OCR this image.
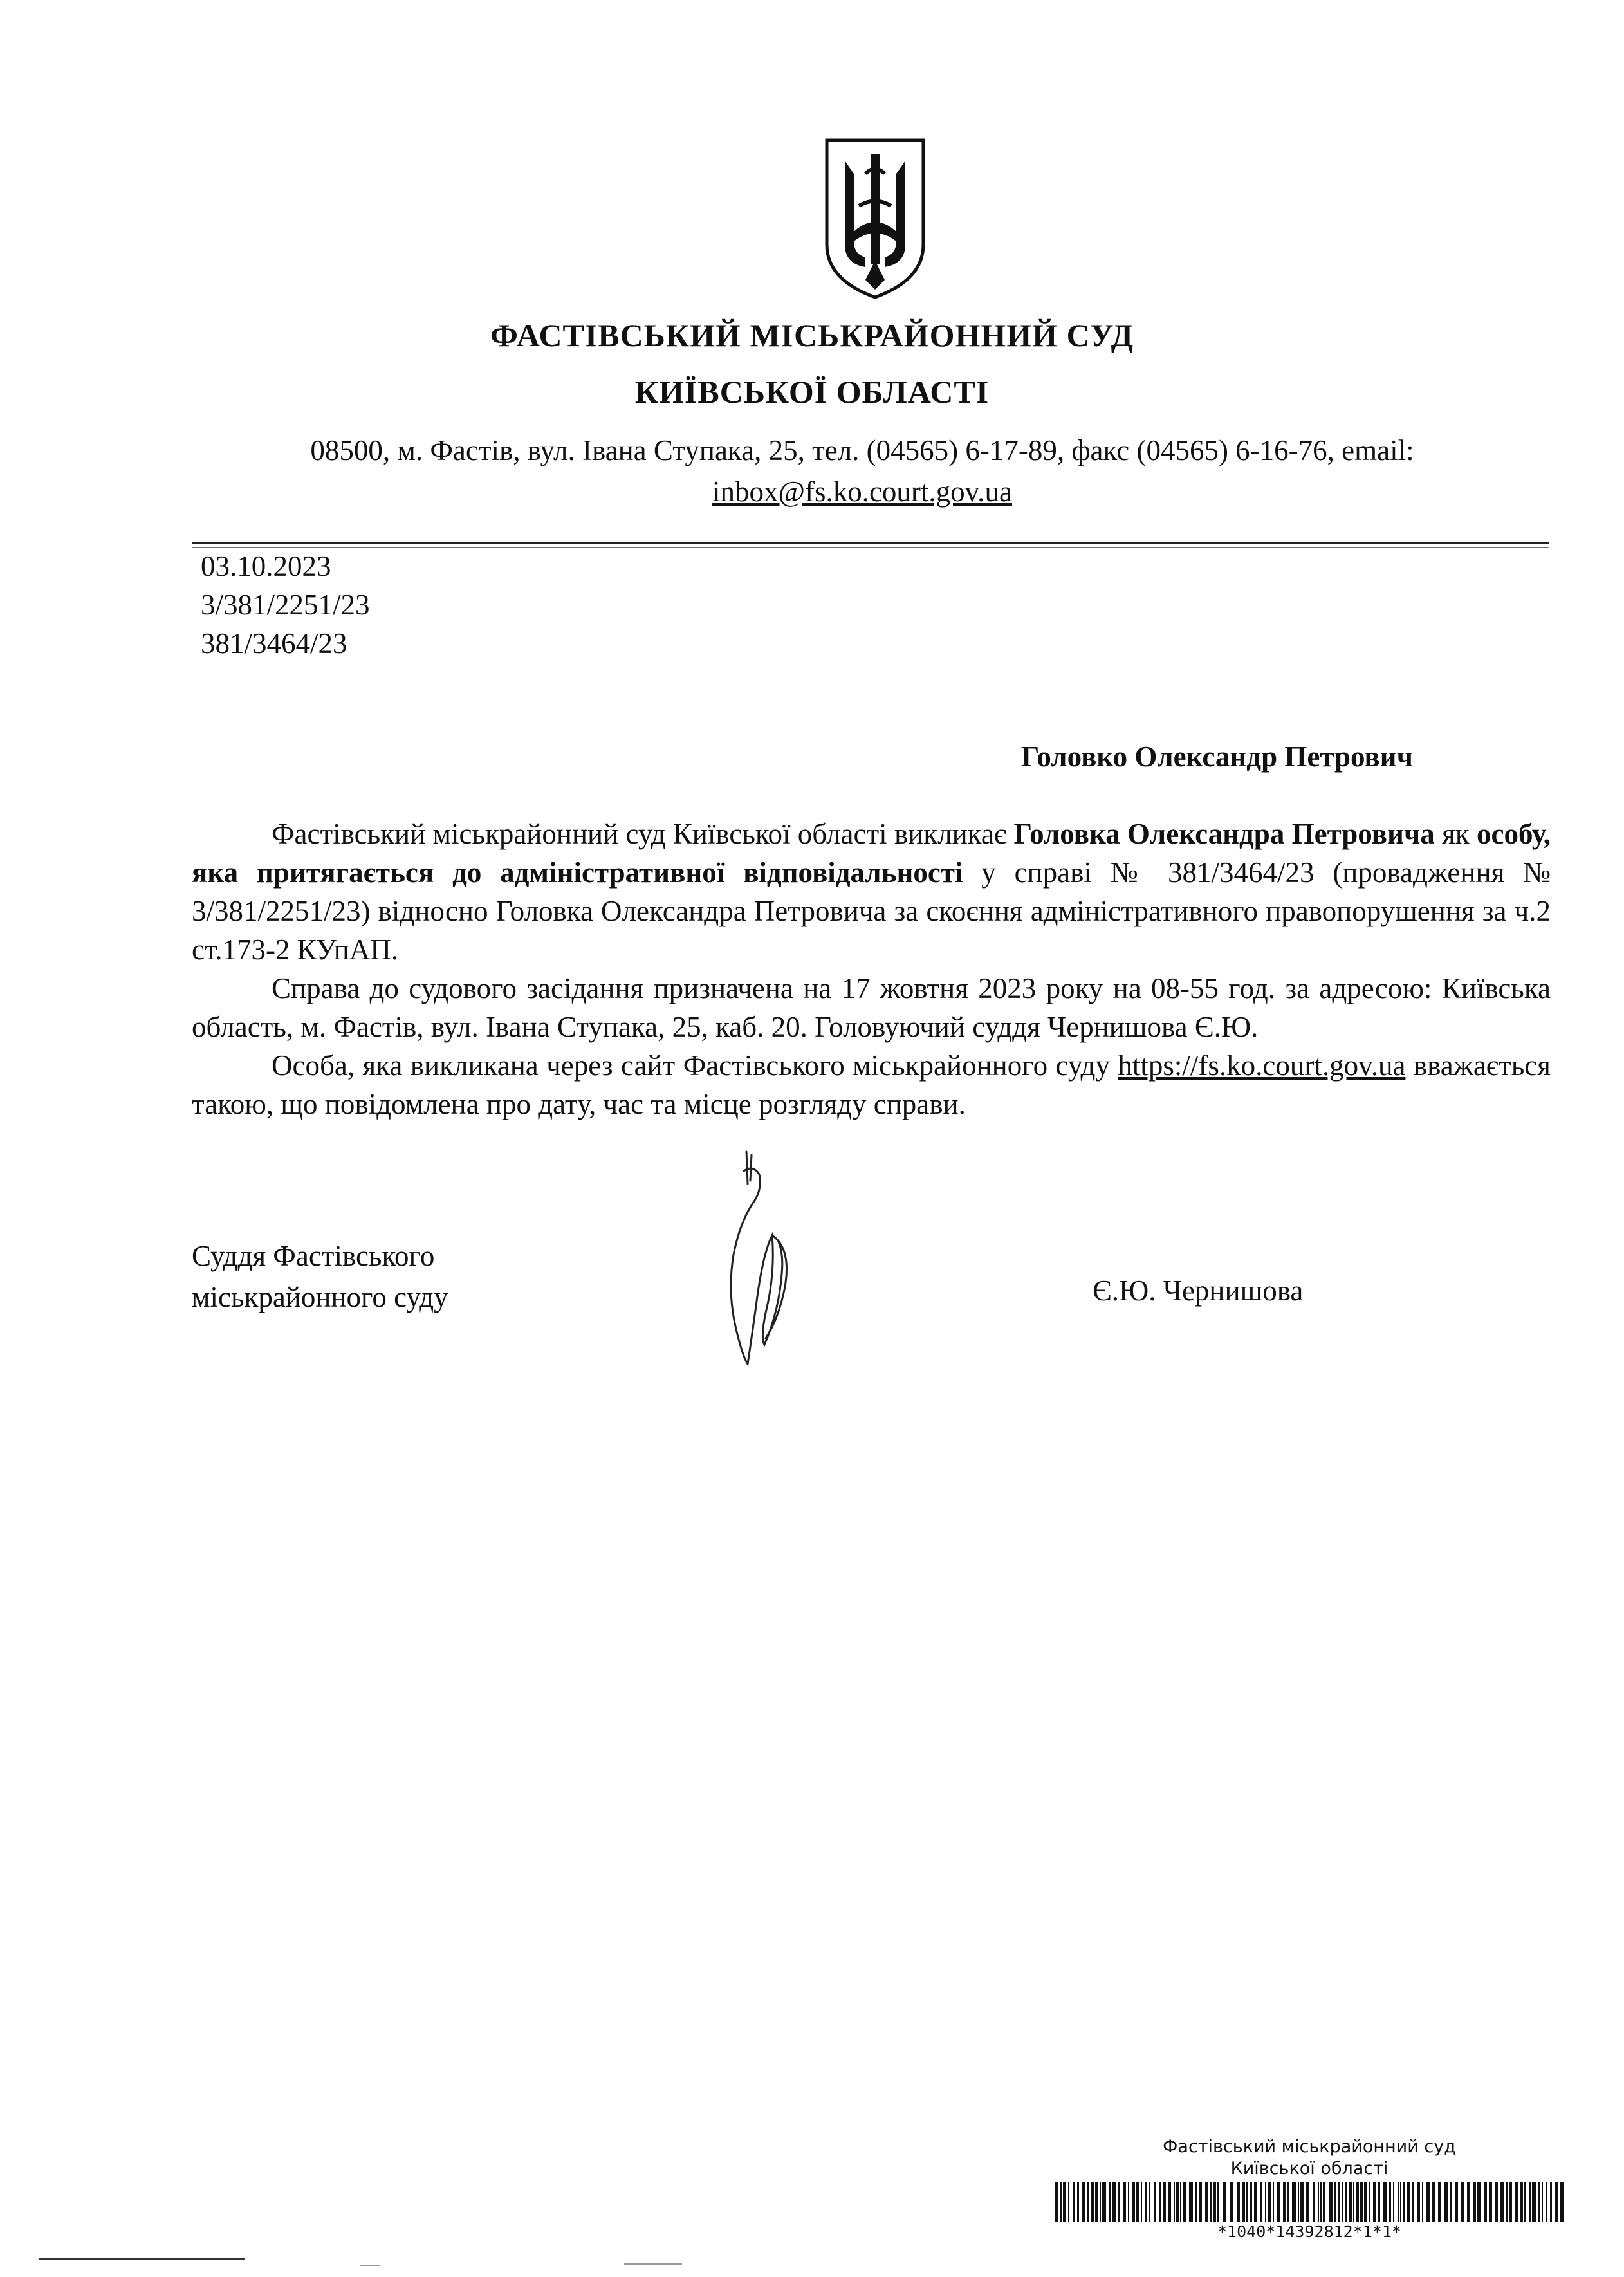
ФАСТІВСЬКИЙ МІСЬКРАЙОННИЙ СУД
КИЇВСЬКОЇ ОБЛАСТІ
08500, м. Фастів, вул. Івана Ступака, 25, тел. (04565) 6-17-89, факс (04565) 6-16-76, email:
inbox@fs.ko.court.gov.ua
03.10.2023
3/381/2251/23
381/3464/23
Головко Олександр Петрович

Фастівський міськрайонний суд Київської області викликає Головка Олександра Петровича як особу, яка притягається до адміністративної відповідальності у справі № 381/3464/23 (провадження № 3/381/2251/23) відносно Головка Олександра Петровича за скоєння адміністративного правопорушення за ч.2 ст.173-2 КУпАП.

Справа до судового засідання призначена на 17 жовтня 2023 року на 08-55 год. за адресою: Київська область, м. Фастів, вул. Івана Ступака, 25, каб. 20. Головуючий суддя Чернишова Є.Ю.

Особа, яка викликана через сайт Фастівського міськрайонного суду https://fs.ko.court.gov.ua вважається такою, що повідомлена про дату, час та місце розгляду справи.

Суддя Фастівського
міськрайонного суду	Є.Ю. Чернишова
Фастівський міськрайонний суд
Київської області
*1040*14392812*1*1*
